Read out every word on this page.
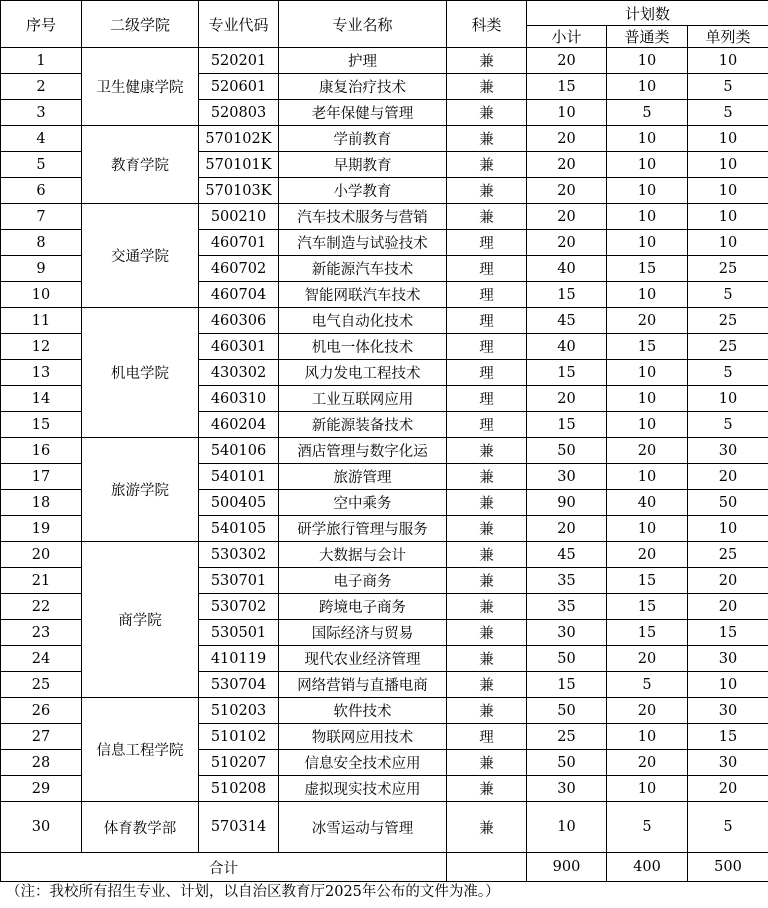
序号	二级学院	专业代码	专业名称	科类	计划数		
					小计	普通类	单列类
1	卫生健康学院	520201	护理	兼	20	10	10
2		520601	康复治疗技术	兼	15	10	5
3		520803	老年保健与管理	兼	10	5	5
4	教育学院	570102K	学前教育	兼	20	10	10
5		570101K	早期教育	兼	20	10	10
6		570103K	小学教育	兼	20	10	10
7	交通学院	500210	汽车技术服务与营销	兼	20	10	10
8		460701	汽车制造与试验技术	理	20	10	10
9		460702	新能源汽车技术	理	40	15	25
10		460704	智能网联汽车技术	理	15	10	5
11	机电学院	460306	电气自动化技术	理	45	20	25
12		460301	机电一体化技术	理	40	15	25
13		430302	风力发电工程技术	理	15	10	5
14		460310	工业互联网应用	理	20	10	10
15		460204	新能源装备技术	理	15	10	5
16	旅游学院	540106	酒店管理与数字化运	兼	50	20	30
17		540101	旅游管理	兼	30	10	20
18		500405	空中乘务	兼	90	40	50
19		540105	研学旅行管理与服务	兼	20	10	10
20	商学院	530302	大数据与会计	兼	45	20	25
21		530701	电子商务	兼	35	15	20
22		530702	跨境电子商务	兼	35	15	20
23		530501	国际经济与贸易	兼	30	15	15
24		410119	现代农业经济管理	兼	50	20	30
25		530704	网络营销与直播电商	兼	15	5	10
26	信息工程学院	510203	软件技术	兼	50	20	30
27		510102	物联网应用技术	理	25	10	15
28		510207	信息安全技术应用	兼	50	20	30
29		510208	虚拟现实技术应用	兼	30	10	20
30	体育教学部	570314	冰雪运动与管理	兼	10	5	5
合计					900	400	500
（注：我校所有招生专业、计划，以自治区教育厅2025年公布的文件为准。）
